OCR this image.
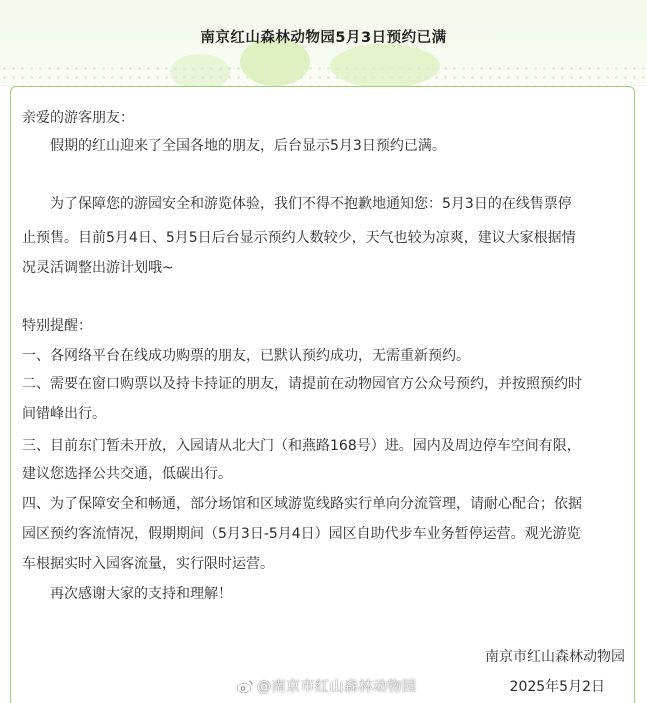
南京红山森林动物园5月3日预约已满
亲爱的游客朋友：
假期的红山迎来了全国各地的朋友，后台显示5月3日预约已满。
为了保障您的游园安全和游览体验，我们不得不抱歉地通知您：5月3日的在线售票停
止预售。目前5月4日、5月5日后台显示预约人数较少，天气也较为凉爽，建议大家根据情
况灵活调整出游计划哦~
特别提醒：
一、各网络平台在线成功购票的朋友，已默认预约成功，无需重新预约。
二、需要在窗口购票以及持卡持证的朋友，请提前在动物园官方公众号预约，并按照预约时
间错峰出行。
三、目前东门暂未开放，入园请从北大门（和燕路168号）进。园内及周边停车空间有限，
建议您选择公共交通，低碳出行。
四、为了保障安全和畅通，部分场馆和区域游览线路实行单向分流管理，请耐心配合；依据
园区预约客流情况，假期期间（5月3日-5月4日）园区自助代步车业务暂停运营。观光游览
车根据实时入园客流量，实行限时运营。
再次感谢大家的支持和理解！
南京市红山森林动物园
2025年5月2日
@南京市红山森林动物园
